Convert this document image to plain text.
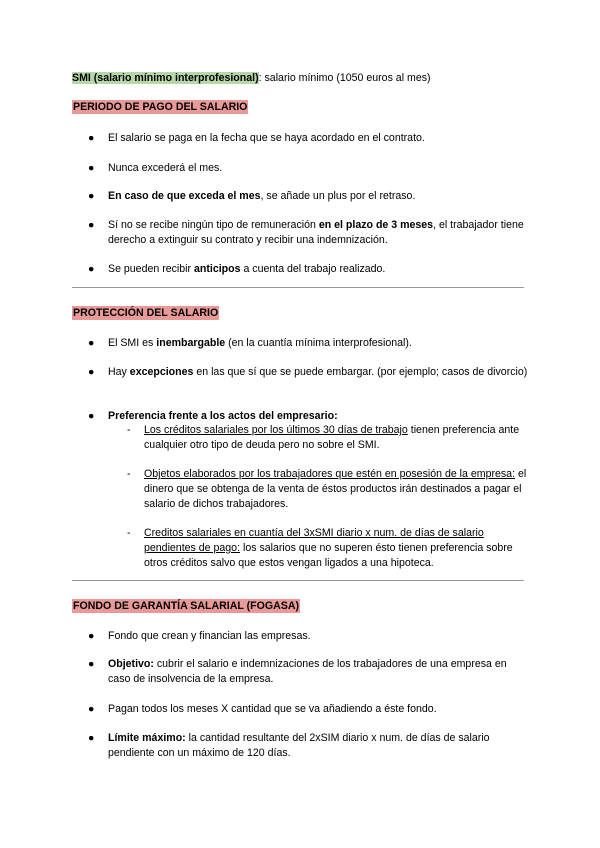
SMI (salario mínimo interprofesional): salario mínimo (1050 euros al mes)
PERIODO DE PAGO DEL SALARIO
● El salario se paga en la fecha que se haya acordado en el contrato.
● Nunca excederá el mes.
● En caso de que exceda el mes, se añade un plus por el retraso.
● Sí no se recibe ningún tipo de remuneración en el plazo de 3 meses, el trabajador tiene derecho a extinguir su contrato y recibir una indemnización.
● Se pueden recibir anticipos a cuenta del trabajo realizado.
PROTECCIÓN DEL SALARIO
● El SMI es inembargable (en la cuantía mínima interprofesional).
● Hay excepciones en las que sí que se puede embargar. (por ejemplo; casos de divorcio)
● Preferencia frente a los actos del empresario:
- Los créditos salariales por los últimos 30 días de trabajo tienen preferencia ante cualquier otro tipo de deuda pero no sobre el SMI.
- Objetos elaborados por los trabajadores que estén en posesión de la empresa: el dinero que se obtenga de la venta de éstos productos irán destinados a pagar el salario de dichos trabajadores.
- Creditos salariales en cuantía del 3xSMI diario x num. de días de salario pendientes de pago: los salarios que no superen ésto tienen preferencia sobre otros créditos salvo que estos vengan ligados a una hipoteca.
FONDO DE GARANTÍA SALARIAL (FOGASA)
● Fondo que crean y financian las empresas.
● Objetivo: cubrir el salario e indemnizaciones de los trabajadores de una empresa en caso de insolvencia de la empresa.
● Pagan todos los meses X cantidad que se va añadiendo a éste fondo.
● Límite máximo: la cantidad resultante del 2xSIM diario x num. de días de salario pendiente con un máximo de 120 días.
